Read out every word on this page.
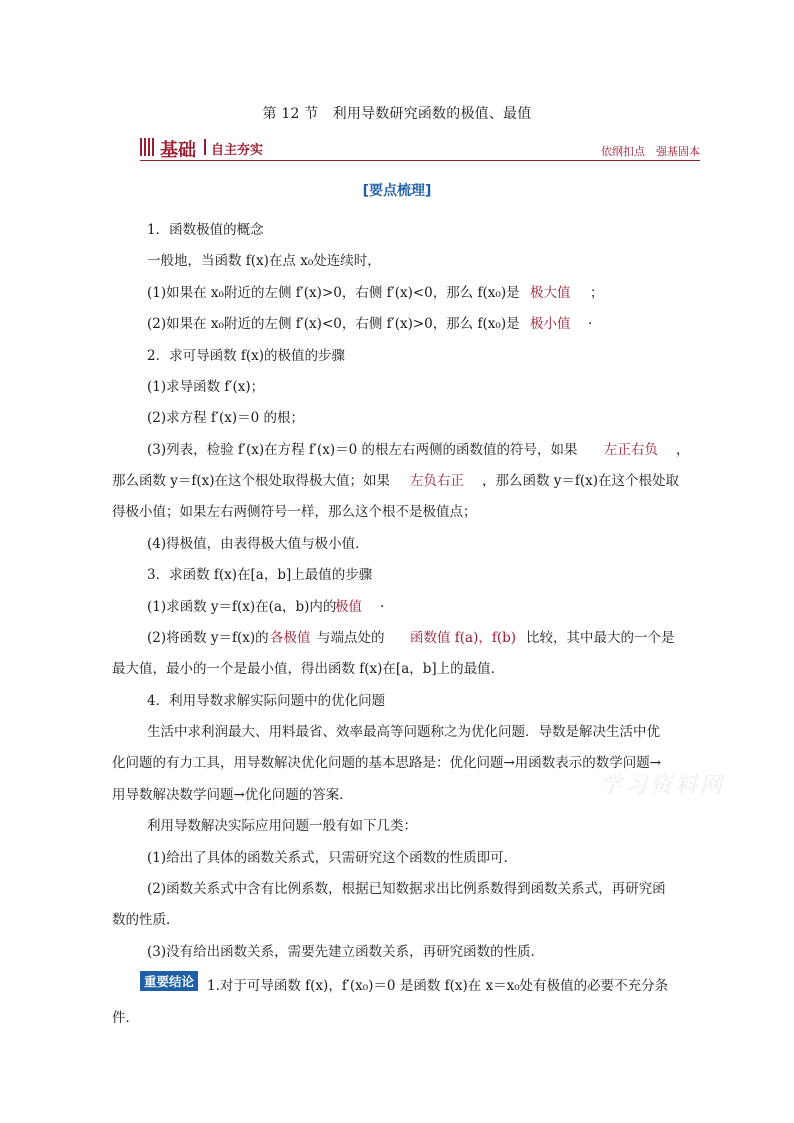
第 12 节　利用导数研究函数的极值、最值
基础 自主夯实	依纲扣点　强基固本
[要点梳理]
1．函数极值的概念
一般地，当函数 f(x)在点 x₀处连续时，
(1)如果在 x₀附近的左侧 f′(x)>0，右侧 f′(x)<0，那么 f(x₀)是 极大值 ；
(2)如果在 x₀附近的左侧 f′(x)<0，右侧 f′(x)>0，那么 f(x₀)是 极小值 .
2．求可导函数 f(x)的极值的步骤
(1)求导函数 f′(x)；
(2)求方程 f′(x)＝0 的根；
(3)列表，检验 f′(x)在方程 f′(x)＝0 的根左右两侧的函数值的符号，如果 左正右负 ，
那么函数 y＝f(x)在这个根处取得极大值；如果 左负右正 ，那么函数 y＝f(x)在这个根处取
得极小值；如果左右两侧符号一样，那么这个根不是极值点；
(4)得极值，由表得极大值与极小值．
3．求函数 f(x)在[a，b]上最值的步骤
(1)求函数 y＝f(x)在(a，b)内的
极值 .
(2)将函数 y＝f(x)的 各极值 与端点处的 函数值 f(a)，f(b) 比较，其中最大的一个是
最大值，最小的一个是最小值，得出函数 f(x)在[a，b]上的最值．
4．利用导数求解实际问题中的优化问题
生活中求利润最大、用料最省、效率最高等问题称之为优化问题．导数是解决生活中优
化问题的有力工具，用导数解决优化问题的基本思路是：优化问题→用函数表示的数学问题→
用导数解决数学问题→优化问题的答案．	学习资料网
利用导数解决实际应用问题一般有如下几类：
(1)给出了具体的函数关系式，只需研究这个函数的性质即可．
(2)函数关系式中含有比例系数，根据已知数据求出比例系数得到函数关系式，再研究函
数的性质．
(3)没有给出函数关系，需要先建立函数关系，再研究函数的性质．
重要结论 1.对于可导函数 f(x)，f′(x₀)＝0 是函数 f(x)在 x＝x₀处有极值的必要不充分条
件．
